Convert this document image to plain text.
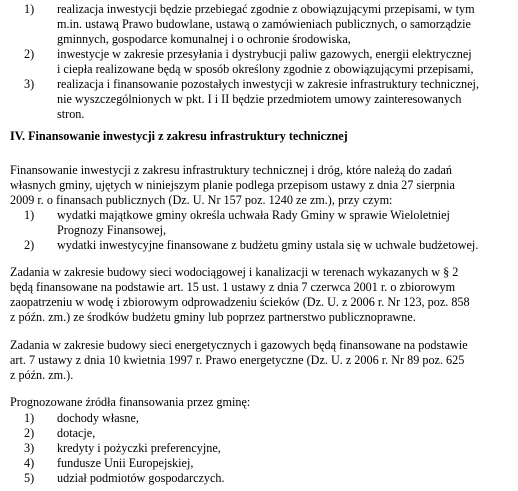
1) realizacja inwestycji będzie przebiegać zgodnie z obowiązującymi przepisami, w tym
m.in. ustawą Prawo budowlane, ustawą o zamówieniach publicznych, o samorządzie
gminnych, gospodarce komunalnej i o ochronie środowiska,
2) inwestycje w zakresie przesyłania i dystrybucji paliw gazowych, energii elektrycznej
i ciepła realizowane będą w sposób określony zgodnie z obowiązującymi przepisami,
3) realizacja i finansowanie pozostałych inwestycji w zakresie infrastruktury technicznej,
nie wyszczególnionych w pkt. I i II będzie przedmiotem umowy zainteresowanych
stron.
IV. Finansowanie inwestycji z zakresu infrastruktury technicznej
Finansowanie inwestycji z zakresu infrastruktury technicznej i dróg, które należą do zadań
własnych gminy, ujętych w niniejszym planie podlega przepisom ustawy z dnia 27 sierpnia
2009 r. o finansach publicznych (Dz. U. Nr 157 poz. 1240 ze zm.), przy czym:
1) wydatki majątkowe gminy określa uchwała Rady Gminy w sprawie Wieloletniej
Prognozy Finansowej,
2) wydatki inwestycyjne finansowane z budżetu gminy ustala się w uchwale budżetowej.
Zadania w zakresie budowy sieci wodociągowej i kanalizacji w terenach wykazanych w § 2
będą finansowane na podstawie art. 15 ust. 1 ustawy z dnia 7 czerwca 2001 r. o zbiorowym
zaopatrzeniu w wodę i zbiorowym odprowadzeniu ścieków (Dz. U. z 2006 r. Nr 123, poz. 858
z późn. zm.) ze środków budżetu gminy lub poprzez partnerstwo publicznoprawne.
Zadania w zakresie budowy sieci energetycznych i gazowych będą finansowane na podstawie
art. 7 ustawy z dnia 10 kwietnia 1997 r. Prawo energetyczne (Dz. U. z 2006 r. Nr 89 poz. 625
z późn. zm.).
Prognozowane źródła finansowania przez gminę:
1) dochody własne,
2) dotacje,
3) kredyty i pożyczki preferencyjne,
4) fundusze Unii Europejskiej,
5) udział podmiotów gospodarczych.
